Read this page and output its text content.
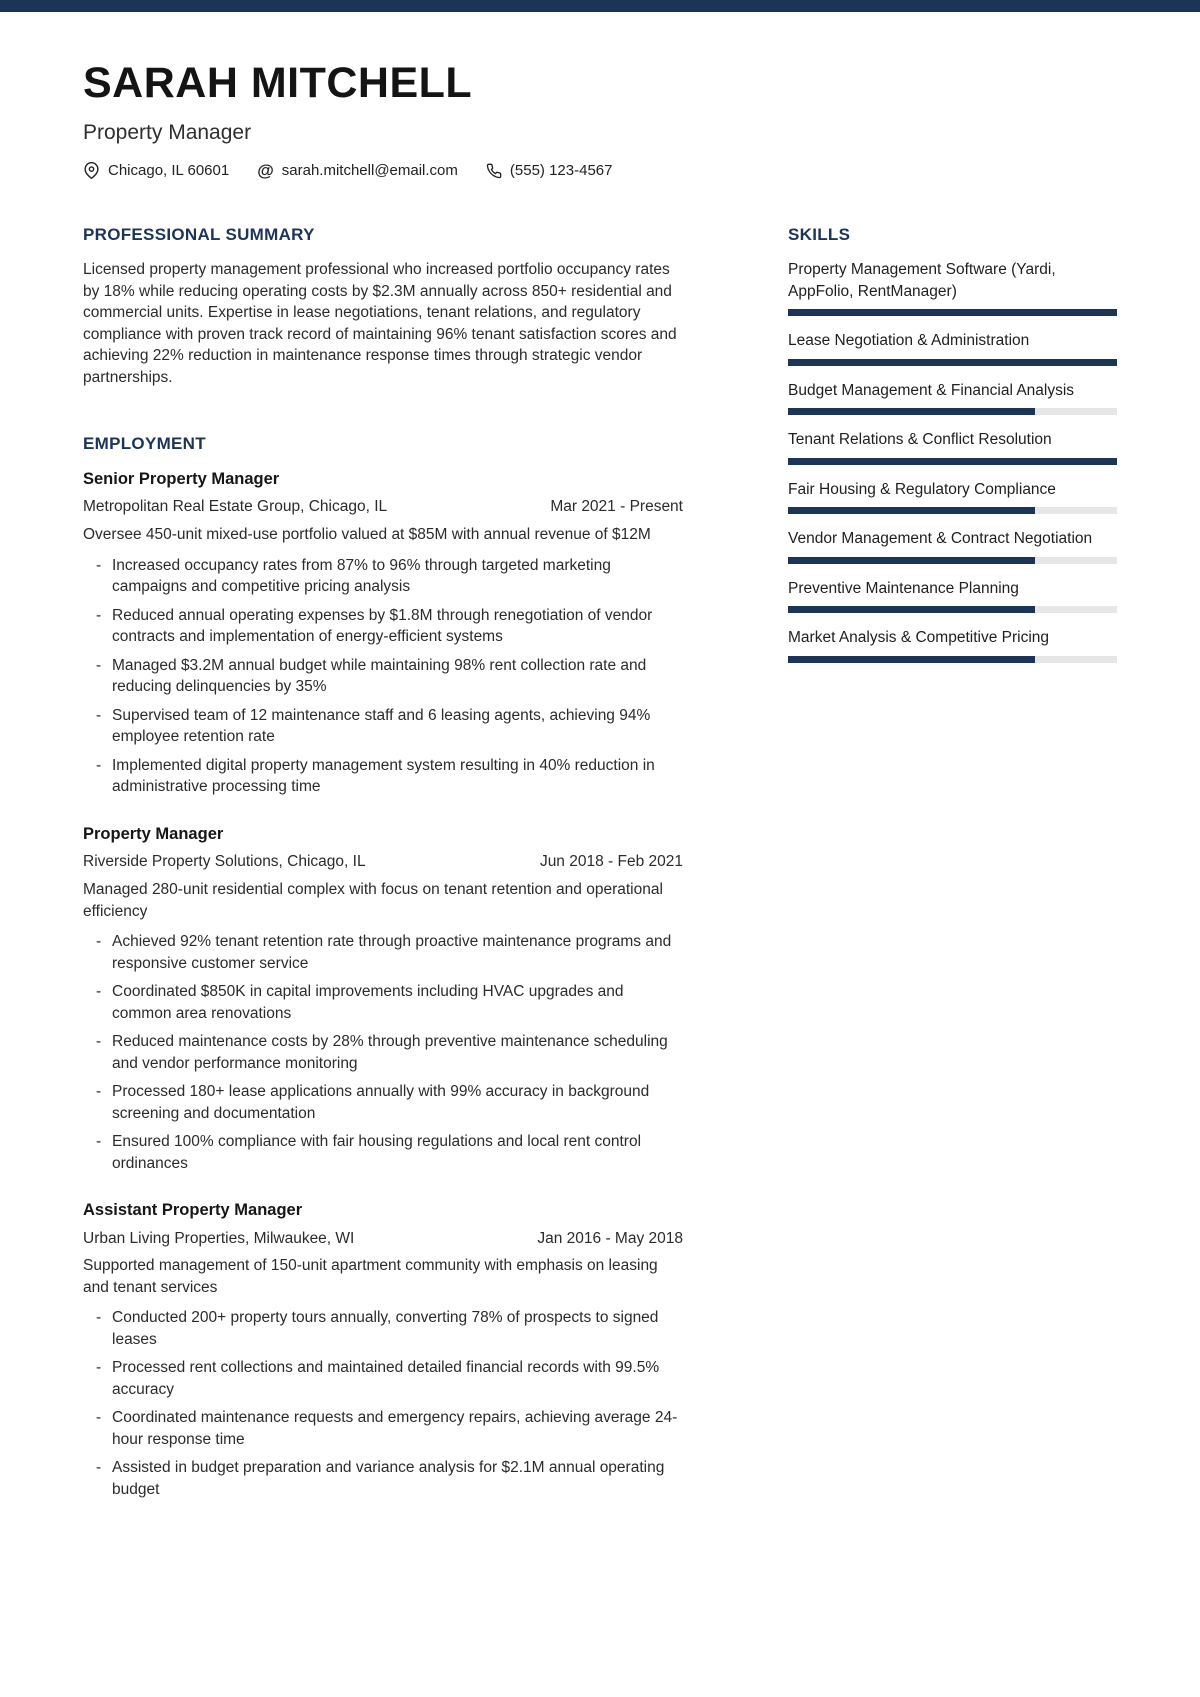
SARAH MITCHELL
Property Manager
Chicago, IL 60601 @ sarah.mitchell@email.com	(555) 123-4567
PROFESSIONAL SUMMARY

Licensed property management professional who increased portfolio occupancy rates by 18% while reducing operating costs by $2.3M annually across 850+ residential and commercial units. Expertise in lease negotiations, tenant relations, and regulatory compliance with proven track record of maintaining 96% tenant satisfaction scores and achieving 22% reduction in maintenance response times through strategic vendor partnerships.

EMPLOYMENT
Senior Property Manager
Metropolitan Real Estate Group, Chicago, IL	Mar 2021 - Present
Oversee 450-unit mixed-use portfolio valued at $85M with annual revenue of $12M
- Increased occupancy rates from 87% to 96% through targeted marketing campaigns and competitive pricing analysis
- Reduced annual operating expenses by $1.8M through renegotiation of vendor contracts and implementation of energy-efficient systems
- Managed $3.2M annual budget while maintaining 98% rent collection rate and reducing delinquencies by 35%
- Supervised team of 12 maintenance staff and 6 leasing agents, achieving 94% employee retention rate
- Implemented digital property management system resulting in 40% reduction in administrative processing time
Property Manager
Riverside Property Solutions, Chicago, IL	Jun 2018 - Feb 2021
Managed 280-unit residential complex with focus on tenant retention and operational efficiency
- Achieved 92% tenant retention rate through proactive maintenance programs and responsive customer service
- Coordinated $850K in capital improvements including HVAC upgrades and common area renovations
- Reduced maintenance costs by 28% through preventive maintenance scheduling and vendor performance monitoring
- Processed 180+ lease applications annually with 99% accuracy in background screening and documentation
- Ensured 100% compliance with fair housing regulations and local rent control ordinances
Assistant Property Manager
Urban Living Properties, Milwaukee, WI	Jan 2016 - May 2018
Supported management of 150-unit apartment community with emphasis on leasing and tenant services
- Conducted 200+ property tours annually, converting 78% of prospects to signed leases
- Processed rent collections and maintained detailed financial records with 99.5% accuracy
- Coordinated maintenance requests and emergency repairs, achieving average 24-hour response time
- Assisted in budget preparation and variance analysis for $2.1M annual operating budget
SKILLS
Property Management Software (Yardi, AppFolio, RentManager)
Lease Negotiation & Administration
Budget Management & Financial Analysis
Tenant Relations & Conflict Resolution
Fair Housing & Regulatory Compliance
Vendor Management & Contract Negotiation
Preventive Maintenance Planning
Market Analysis & Competitive Pricing
